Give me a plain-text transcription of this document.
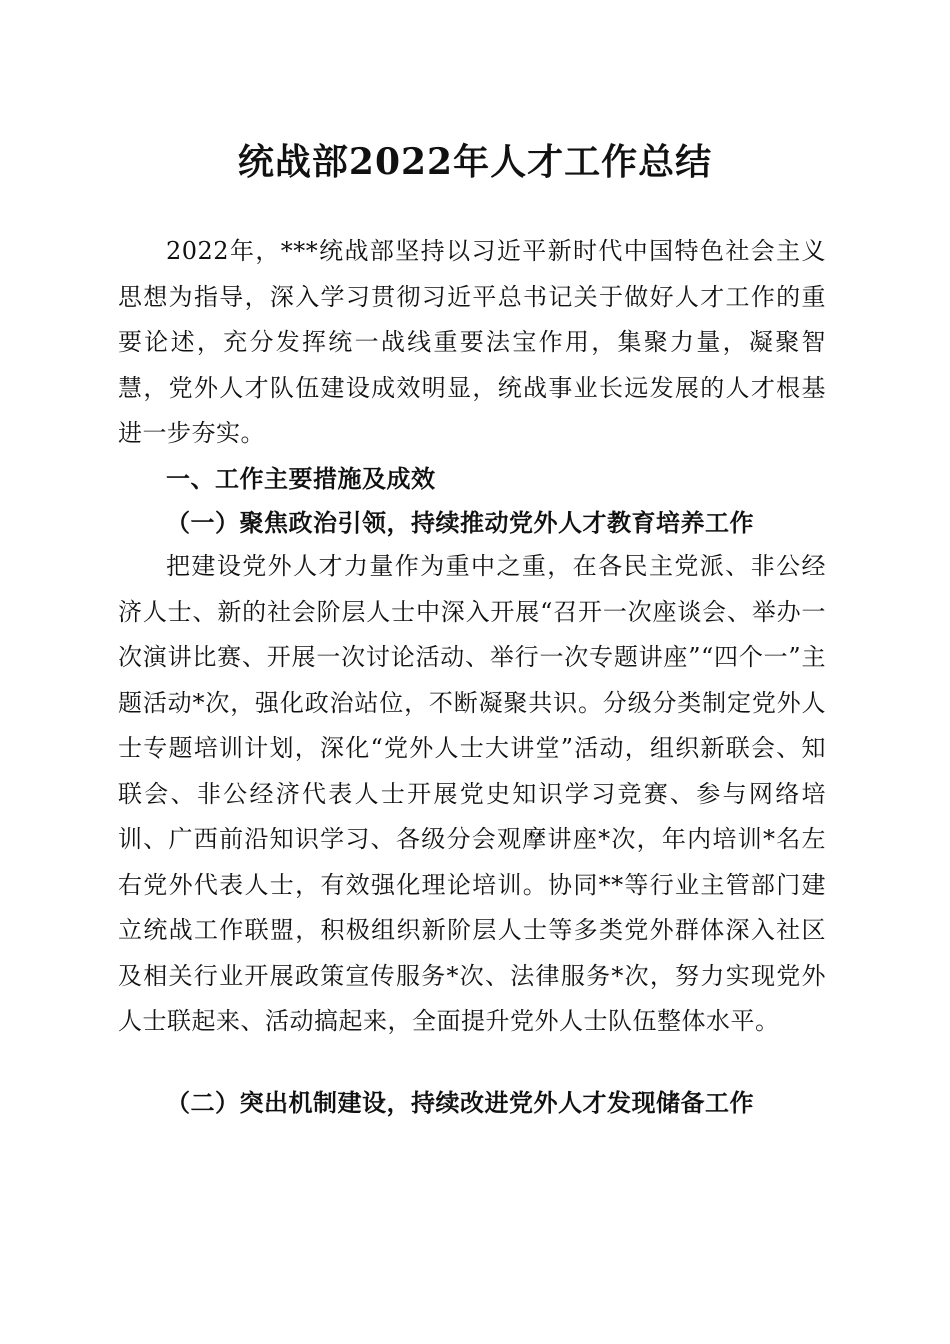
统战部2022年人才工作总结
2022年，***统战部坚持以习近平新时代中国特色社会主义思想为指导，深入学习贯彻习近平总书记关于做好人才工作的重要论述，充分发挥统一战线重要法宝作用，集聚力量，凝聚智慧，党外人才队伍建设成效明显，统战事业长远发展的人才根基进一步夯实。
一、工作主要措施及成效
（一）聚焦政治引领，持续推动党外人才教育培养工作
把建设党外人才力量作为重中之重，在各民主党派、非公经济人士、新的社会阶层人士中深入开展“召开一次座谈会、举办一次演讲比赛、开展一次讨论活动、举行一次专题讲座”“四个一”主题活动*次，强化政治站位，不断凝聚共识。分级分类制定党外人士专题培训计划，深化“党外人士大讲堂”活动，组织新联会、知联会、非公经济代表人士开展党史知识学习竞赛、参与网络培训、广西前沿知识学习、各级分会观摩讲座*次，年内培训*名左右党外代表人士，有效强化理论培训。协同**等行业主管部门建立统战工作联盟，积极组织新阶层人士等多类党外群体深入社区及相关行业开展政策宣传服务*次、法律服务*次，努力实现党外人士联起来、活动搞起来，全面提升党外人士队伍整体水平。
（二）突出机制建设，持续改进党外人才发现储备工作
